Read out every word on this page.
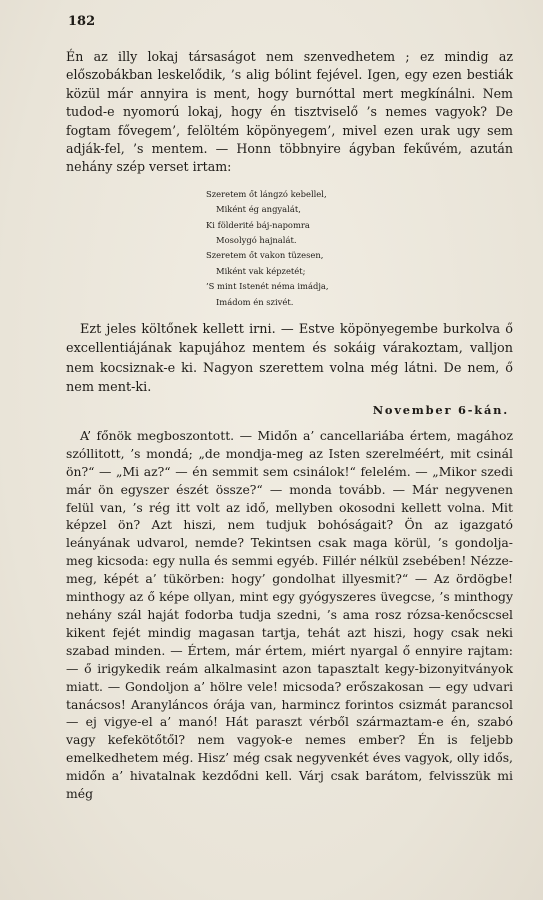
182

Én az illy lokaj társaságot nem szenvedhetem ; ez mindig az előszobákban leskelődik, ’s alig bólint fejével. Igen, egy ezen bestiák közül már annyira is ment, hogy burnóttal mert megkínálni. Nem tudod-e nyomorú lokaj, hogy én tisztviselő ’s nemes vagyok? De fogtam fővegem’, felöltém köpönyegem’, mivel ezen urak ugy sem adják-fel, ’s mentem. — Honn többnyire ágyban fekűvém, azután nehány szép verset irtam:

Szeretem őt lángzó kebellel,
Miként ég angyalát,
Ki földerité báj-napomra
Mosolygó hajnalát.
Szeretem őt vakon tüzesen,
Miként vak képzetét;
’S mint Istenét néma imádja,
Imádom én szivét.

Ezt jeles költőnek kellett irni. — Estve köpönyegembe burkolva ő excellentiájának kapujához mentem és sokáig várakoztam, valljon nem kocsiznak-e ki. Nagyon szerettem volna még látni. De nem, ő nem ment-ki.

November 6-kán.

A’ főnök megboszontott. — Midőn a’ cancellariába értem, magához szóllitott, ’s mondá; „de mondja-meg az Isten szerelméért, mit csinál ön?“ — „Mi az?“ — én semmit sem csinálok!“ felelém. — „Mikor szedi már ön egyszer észét össze?“ — monda tovább. — Már negyvenen felül van, ’s rég itt volt az idő, mellyben okosodni kellett volna. Mit képzel ön? Azt hiszi, nem tudjuk bohóságait? Ön az igazgató leányának udvarol, nemde? Tekintsen csak maga körül, ’s gondolja-meg kicsoda: egy nulla és semmi egyéb. Fillér nélkül zsebében! Nézze-meg, képét a’ tükörben: hogy’ gondolhat illyesmit?“ — Az ördögbe! minthogy az ő képe ollyan, mint egy gyógyszeres üvegcse, ’s minthogy nehány szál haját fodorba tudja szedni, ’s ama rosz rózsa-kenőcscsel kikent fejét mindig magasan tartja, tehát azt hiszi, hogy csak neki szabad minden. — Értem, már értem, miért nyargal ő ennyire rajtam: — ő irigykedik reám alkalmasint azon tapasztalt kegy-bizonyitványok miatt. — Gondoljon a’ hölre vele! micsoda? erőszakosan — egy udvari tanácsos! Aranyláncos órája van, harmincz forintos csizmát parancsol — ej vigye-el a’ manó! Hát paraszt vérből származtam-e én, szabó vagy kefekötőtől? nem vagyok-e nemes ember? Én is feljebb emelkedhetem még. Hisz’ még csak negyvenkét éves vagyok, olly idős, midőn a’ hivatalnak kezdődni kell. Várj csak barátom, felvisszük mi még
